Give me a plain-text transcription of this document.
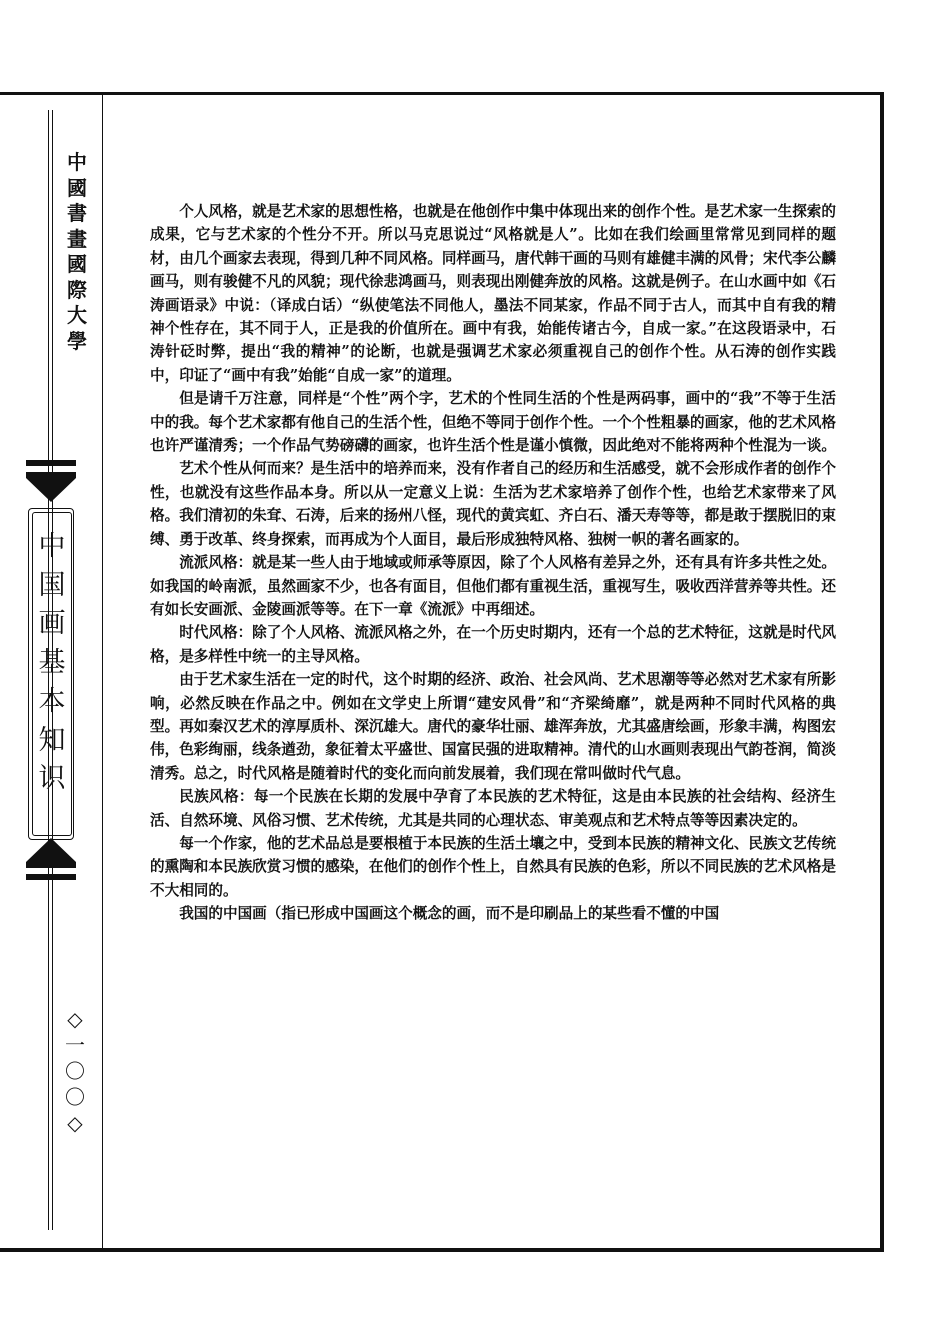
中
國
書
畫
國
際
大
學
中
国
画
基
本
知
识
◇
一
〇
〇
◇

个人风格，就是艺术家的思想性格，也就是在他创作中集中体现出来的创作个性。是艺术家一生探索的成果，它与艺术家的个性分不开。所以马克思说过“风格就是人”。比如在我们绘画里常常见到同样的题材，由几个画家去表现，得到几种不同风格。同样画马，唐代韩干画的马则有雄健丰满的风骨；宋代李公麟画马，则有骏健不凡的风貌；现代徐悲鸿画马，则表现出刚健奔放的风格。这就是例子。在山水画中如《石涛画语录》中说：（译成白话）“纵使笔法不同他人，墨法不同某家，作品不同于古人，而其中自有我的精神个性存在，其不同于人，正是我的价值所在。画中有我，始能传诸古今，自成一家。”在这段语录中，石涛针砭时弊，提出“我的精神”的论断，也就是强调艺术家必须重视自己的创作个性。从石涛的创作实践中，印证了“画中有我”始能“自成一家”的道理。

但是请千万注意，同样是“个性”两个字，艺术的个性同生活的个性是两码事，画中的“我”不等于生活中的我。每个艺术家都有他自己的生活个性，但绝不等同于创作个性。一个个性粗暴的画家，他的艺术风格也许严谨清秀；一个作品气势磅礴的画家，也许生活个性是谨小慎微，因此绝对不能将两种个性混为一谈。

艺术个性从何而来？是生活中的培养而来，没有作者自己的经历和生活感受，就不会形成作者的创作个性，也就没有这些作品本身。所以从一定意义上说：生活为艺术家培养了创作个性，也给艺术家带来了风格。我们清初的朱耷、石涛，后来的扬州八怪，现代的黄宾虹、齐白石、潘天寿等等，都是敢于摆脱旧的束缚、勇于改革、终身探索，而再成为个人面目，最后形成独特风格、独树一帜的著名画家的。

流派风格：就是某一些人由于地域或师承等原因，除了个人风格有差异之外，还有具有许多共性之处。如我国的岭南派，虽然画家不少，也各有面目，但他们都有重视生活，重视写生，吸收西洋营养等共性。还有如长安画派、金陵画派等等。在下一章《流派》中再细述。

时代风格：除了个人风格、流派风格之外，在一个历史时期内，还有一个总的艺术特征，这就是时代风格，是多样性中统一的主导风格。

由于艺术家生活在一定的时代，这个时期的经济、政治、社会风尚、艺术思潮等等必然对艺术家有所影响，必然反映在作品之中。例如在文学史上所谓“建安风骨”和“齐梁绮靡”，就是两种不同时代风格的典型。再如秦汉艺术的淳厚质朴、深沉雄大。唐代的豪华壮丽、雄浑奔放，尤其盛唐绘画，形象丰满，构图宏伟，色彩绚丽，线条遒劲，象征着太平盛世、国富民强的进取精神。清代的山水画则表现出气韵苍润，简淡清秀。总之，时代风格是随着时代的变化而向前发展着，我们现在常叫做时代气息。

民族风格：每一个民族在长期的发展中孕育了本民族的艺术特征，这是由本民族的社会结构、经济生活、自然环境、风俗习惯、艺术传统，尤其是共同的心理状态、审美观点和艺术特点等等因素决定的。

每一个作家，他的艺术品总是要根植于本民族的生活土壤之中，受到本民族的精神文化、民族文艺传统的熏陶和本民族欣赏习惯的感染，在他们的创作个性上，自然具有民族的色彩，所以不同民族的艺术风格是不大相同的。

我国的中国画（指已形成中国画这个概念的画，而不是印刷品上的某些看不懂的中国
